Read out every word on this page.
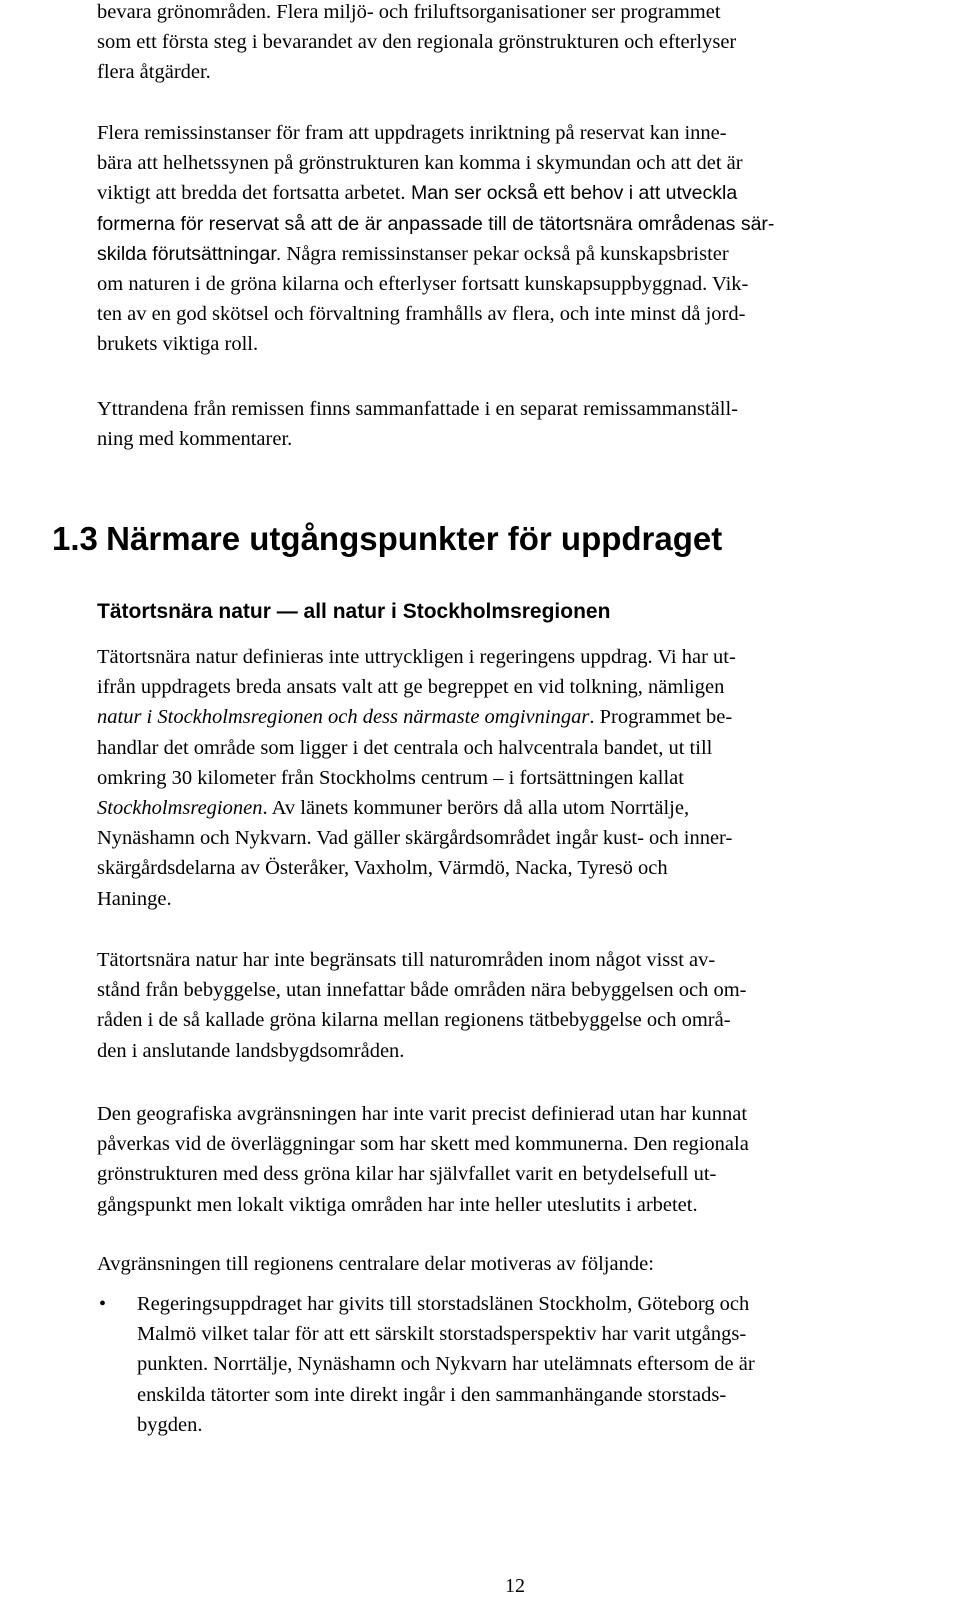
bevara grönområden. Flera miljö- och friluftsorganisationer ser programmet
som ett första steg i bevarandet av den regionala grönstrukturen och efterlyser
flera åtgärder.
Flera remissinstanser för fram att uppdragets inriktning på reservat kan inne-
bära att helhetssynen på grönstrukturen kan komma i skymundan och att det är
viktigt att bredda det fortsatta arbetet. Man ser också ett behov i att utveckla
formerna för reservat så att de är anpassade till de tätortsnära områdenas sär-
skilda förutsättningar. Några remissinstanser pekar också på kunskapsbrister
om naturen i de gröna kilarna och efterlyser fortsatt kunskapsuppbyggnad. Vik-
ten av en god skötsel och förvaltning framhålls av flera, och inte minst då jord-
brukets viktiga roll.
Yttrandena från remissen finns sammanfattade i en separat remissammanställ-
ning med kommentarer.
1.3 Närmare utgångspunkter för uppdraget
Tätortsnära natur — all natur i Stockholmsregionen
Tätortsnära natur definieras inte uttryckligen i regeringens uppdrag. Vi har ut-
ifrån uppdragets breda ansats valt att ge begreppet en vid tolkning, nämligen
natur i Stockholmsregionen och dess närmaste omgivningar. Programmet be-
handlar det område som ligger i det centrala och halvcentrala bandet, ut till
omkring 30 kilometer från Stockholms centrum – i fortsättningen kallat
Stockholmsregionen. Av länets kommuner berörs då alla utom Norrtälje,
Nynäshamn och Nykvarn. Vad gäller skärgårdsområdet ingår kust- och inner-
skärgårdsdelarna av Österåker, Vaxholm, Värmdö, Nacka, Tyresö och
Haninge.
Tätortsnära natur har inte begränsats till naturområden inom något visst av-
stånd från bebyggelse, utan innefattar både områden nära bebyggelsen och om-
råden i de så kallade gröna kilarna mellan regionens tätbebyggelse och områ-
den i anslutande landsbygdsområden.
Den geografiska avgränsningen har inte varit precist definierad utan har kunnat
påverkas vid de överläggningar som har skett med kommunerna. Den regionala
grönstrukturen med dess gröna kilar har självfallet varit en betydelsefull ut-
gångspunkt men lokalt viktiga områden har inte heller uteslutits i arbetet.
Avgränsningen till regionens centralare delar motiveras av följande:
• Regeringsuppdraget har givits till storstadslänen Stockholm, Göteborg och
Malmö vilket talar för att ett särskilt storstadsperspektiv har varit utgångs-
punkten. Norrtälje, Nynäshamn och Nykvarn har utelämnats eftersom de är
enskilda tätorter som inte direkt ingår i den sammanhängande storstads-
bygden.
12
